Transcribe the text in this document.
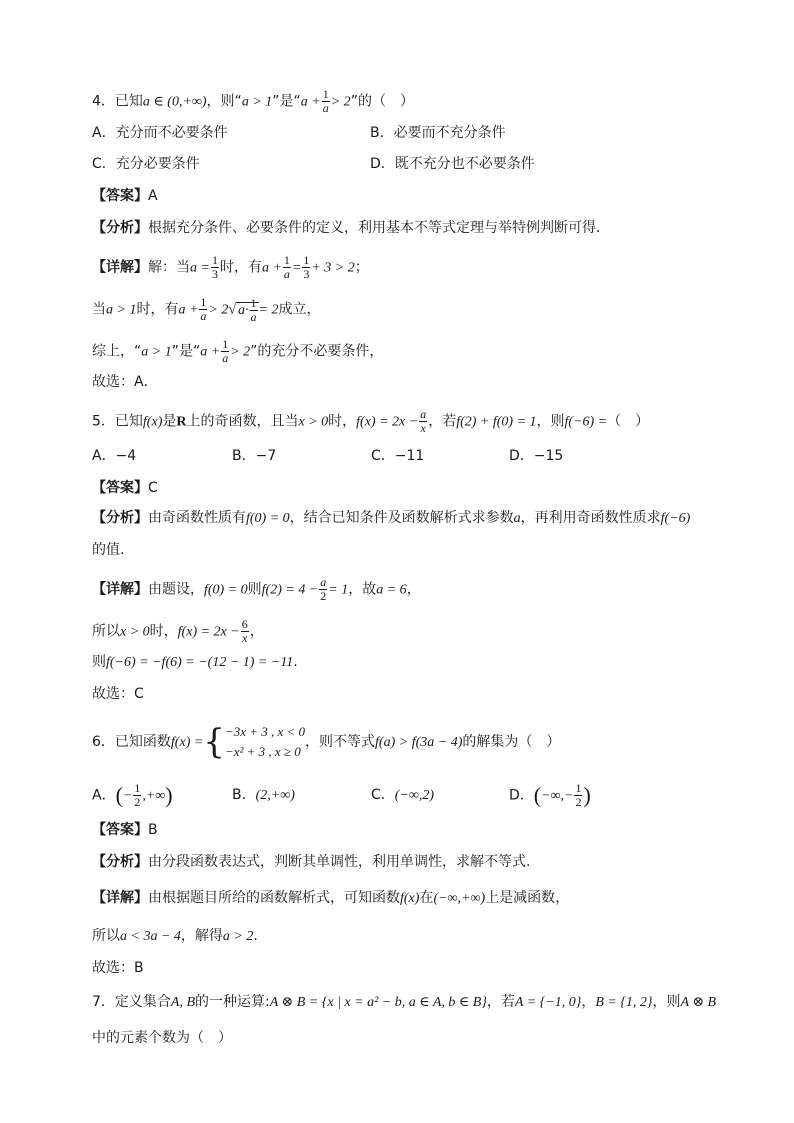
4．已知a ∈ (0,+∞)，则“a > 1”是“$a + \frac{1}{a} > 2$”的（　）
A．充分而不必要条件	B．必要而不充分条件
C．充分必要条件	D．既不充分也不必要条件
【答案】A
【分析】根据充分条件、必要条件的定义，利用基本不等式定理与举特例判断可得．
【详解】解：当$a = \frac{1}{3}$ 时，有$a + \frac{1}{a} = \frac{1}{3} + 3 > 2$；
当a > 1时，有$a + \frac{1}{a} > 2√$ $a\cdot \frac{1}{a} = 2$成立，
综上，“a > 1”是“$a + \frac{1}{a} > 2$”的充分不必要条件，
故选：A．
5．已知f(x)是R上的奇函数，且当x > 0时，$f(x) = 2x - \frac{a}{x}$ ，若f(2) + f(0) = 1，则f(−6) =（　）
A．−4	B．−7	C．−11	D．−15
【答案】C
【分析】由奇函数性质有f(0) = 0，结合已知条件及函数解析式求参数a，再利用奇函数性质求f(−6)
的值.
【详解】由题设，f(0) = 0则$f(2) = 4 - \frac{a}{2} = 1$，故a = 6，
所以x > 0时，$f(x) = 2x - \frac{6}{x}$ ，
则f(−6) = −f(6) = −(12 − 1) = −11.
故选：C
6．已知函数f(x) ={ −3x + 3 , x < 0
−x² + 3 , x ≥ 0
，则不等式f(a) > f(3a − 4)的解集为（　）
A．(− $\frac{1}{2}$ ,+∞)	B．(2,+∞)	C．(−∞,2)	D．(−∞,− $\frac{1}{2}$ )
【答案】B
【分析】由分段函数表达式，判断其单调性，利用单调性，求解不等式.
【详解】由根据题目所给的函数解析式，可知函数f(x)在(−∞,+∞)上是减函数，
所以a < 3a − 4，解得a > 2.
故选：B
7．定义集合A, B的一种运算:A ⊗ B = {x | x = a² − b, a ∈ A, b ∈ B}，若A = {−1, 0}，B = {1, 2}，则A ⊗ B
中的元素个数为（　）
